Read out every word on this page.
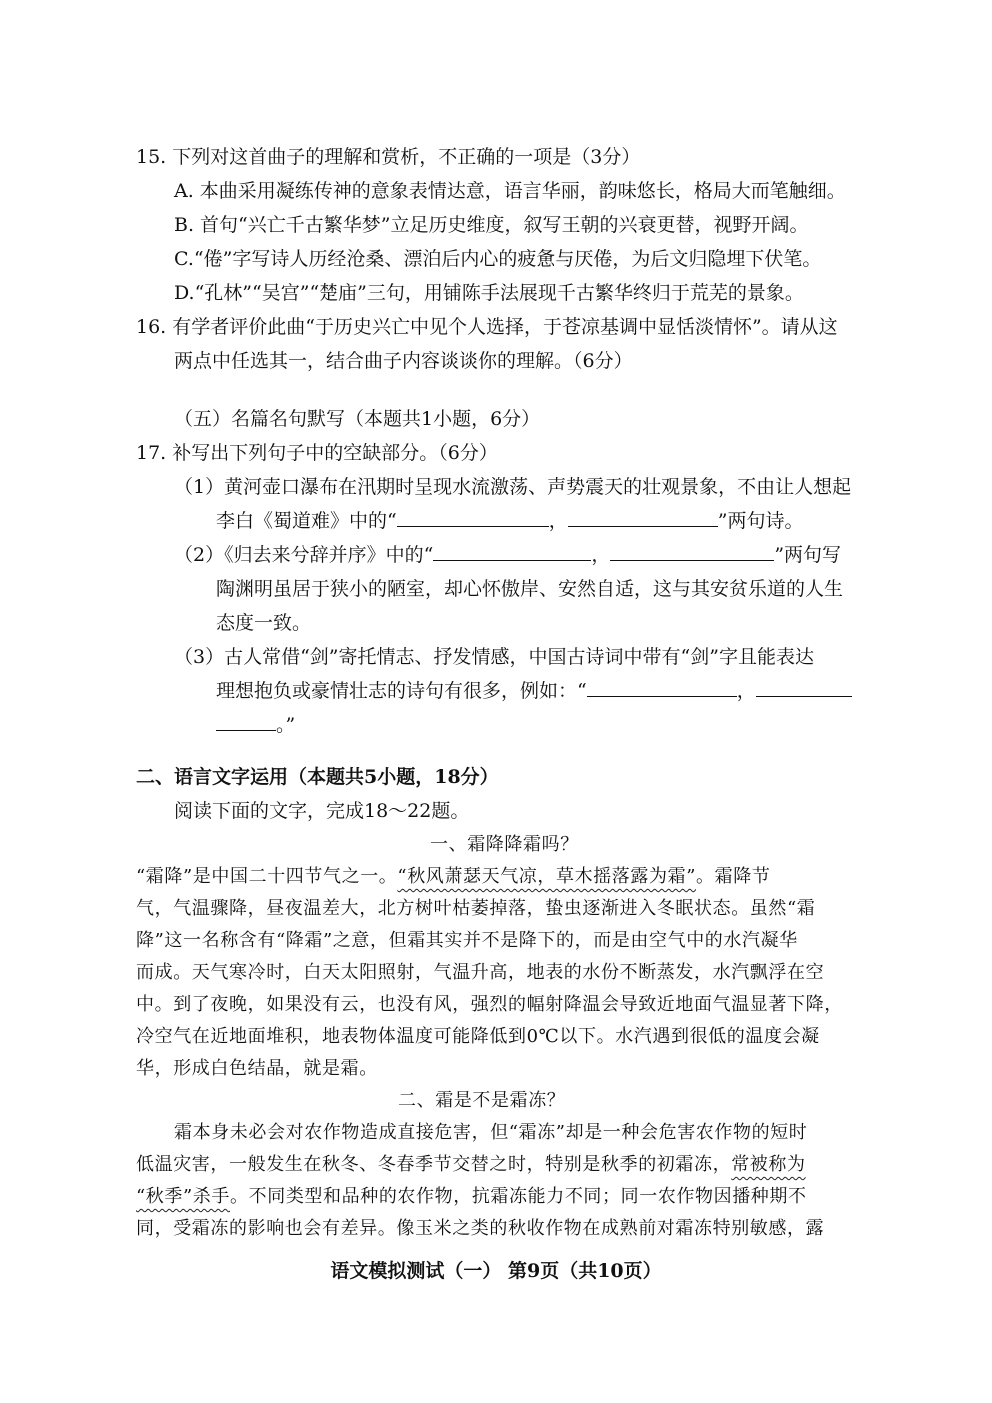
15. 下列对这首曲子的理解和赏析，不正确的一项是（3分）
A. 本曲采用凝练传神的意象表情达意，语言华丽，韵味悠长，格局大而笔触细。
B. 首句“兴亡千古繁华梦”立足历史维度，叙写王朝的兴衰更替，视野开阔。
C.“倦”字写诗人历经沧桑、漂泊后内心的疲惫与厌倦，为后文归隐埋下伏笔。
D.“孔林”“吴宫”“楚庙”三句，用铺陈手法展现千古繁华终归于荒芜的景象。
16. 有学者评价此曲“于历史兴亡中见个人选择，于苍凉基调中显恬淡情怀”。请从这
两点中任选其一，结合曲子内容谈谈你的理解。（6分）
（五）名篇名句默写（本题共1小题，6分）
17. 补写出下列句子中的空缺部分。（6分）
（1）黄河壶口瀑布在汛期时呈现水流激荡、声势震天的壮观景象，不由让人想起
李白《蜀道难》中的“	，	”两句诗。
（2）《归去来兮辞并序》中的“	，	”两句写
陶渊明虽居于狭小的陋室，却心怀傲岸、安然自适，这与其安贫乐道的人生
态度一致。
（3）古人常借“剑”寄托情志、抒发情感，中国古诗词中带有“剑”字且能表达
理想抱负或豪情壮志的诗句有很多，例如：“	，
。”
二、语言文字运用（本题共5小题，18分）
阅读下面的文字，完成18～22题。
一、霜降降霜吗？
“霜降”是中国二十四节气之一。“秋风萧瑟天气凉，草木摇落露为霜”。霜降节
气，气温骤降，昼夜温差大，北方树叶枯萎掉落，蛰虫逐渐进入冬眠状态。虽然“霜
降”这一名称含有“降霜”之意，但霜其实并不是降下的，而是由空气中的水汽凝华
而成。天气寒冷时，白天太阳照射，气温升高，地表的水份不断蒸发，水汽飘浮在空
中。到了夜晚，如果没有云，也没有风，强烈的幅射降温会导致近地面气温显著下降，
冷空气在近地面堆积，地表物体温度可能降低到0℃以下。水汽遇到很低的温度会凝
华，形成白色结晶，就是霜。
二、霜是不是霜冻？
霜本身未必会对农作物造成直接危害，但“霜冻”却是一种会危害农作物的短时
低温灾害，一般发生在秋冬、冬春季节交替之时，特别是秋季的初霜冻，常被称为
“秋季”杀手。不同类型和品种的农作物，抗霜冻能力不同；同一农作物因播种期不
同，受霜冻的影响也会有差异。像玉米之类的秋收作物在成熟前对霜冻特别敏感，露
语文模拟测试（一） 第9页（共10页）
